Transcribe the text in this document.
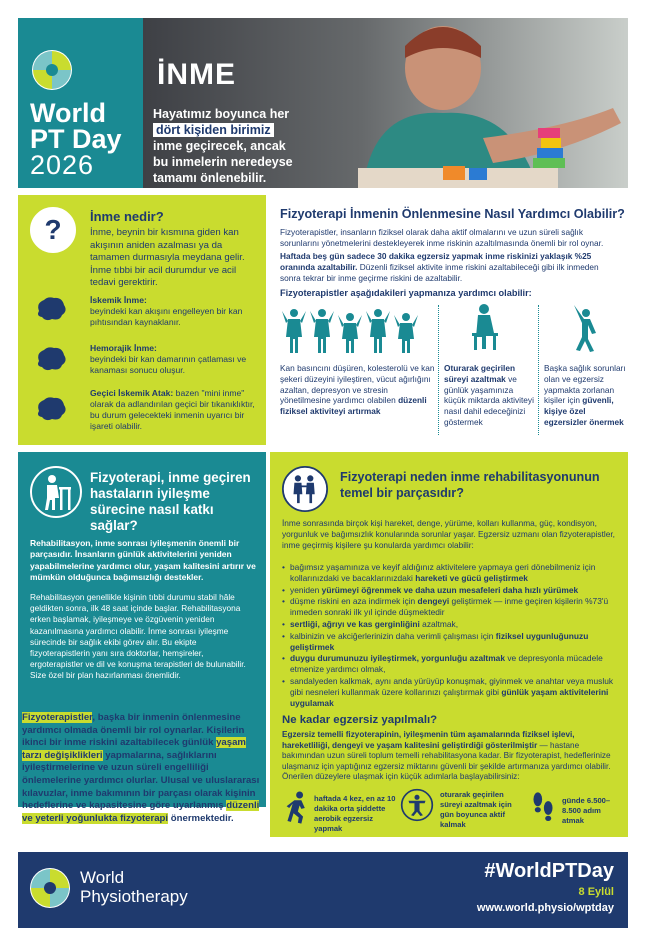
World
PT Day
2026
İNME
Hayatımız boyunca her dört kişiden birimiz inme geçirecek, ancak bu inmelerin neredeyse tamamı önlenebilir.
? İnme nedir?
İnme, beynin bir kısmına giden kan akışının aniden azalması ya da tamamen durmasıyla meydana gelir. İnme tıbbi bir acil durumdur ve acil tedavi gerektirir.
İskemik İnme:
beyindeki kan akışını engelleyen bir kan pıhtısından kaynaklanır.
Hemorajik İnme:
beyindeki bir kan damarının çatlaması ve kanaması sonucu oluşur.
Geçici İskemik Atak: bazen "mini inme" olarak da adlandırılan geçici bir tıkanıklıktır, bu durum gelecekteki inmenin uyarıcı bir işareti olabilir.
Fizyoterapi İnmenin Önlenmesine Nasıl Yardımcı Olabilir?
Fizyoterapistler, insanların fiziksel olarak daha aktif olmalarını ve uzun süreli sağlık sorunlarını yönetmelerini destekleyerek inme riskinin azaltılmasında önemli bir rol oynar.
Haftada beş gün sadece 30 dakika egzersiz yapmak inme riskinizi yaklaşık %25 oranında azaltabilir. Düzenli fiziksel aktivite inme riskini azaltabileceği gibi ilk inmeden sonra tekrar bir inme geçirme riskini de azaltabilir.
Fizyoterapistler aşağıdakileri yapmanıza yardımcı olabilir:
Kan basıncını düşüren, kolesterolü ve kan şekeri düzeyini iyileştiren, vücut ağırlığını azaltan, depresyon ve stresin yönetilmesine yardımcı olabilen düzenli fiziksel aktiviteyi artırmak
Oturarak geçirilen süreyi azaltmak ve günlük yaşamınıza küçük miktarda aktiviteyi nasıl dahil edeceğinizi göstermek
Başka sağlık sorunları olan ve egzersiz yapmakta zorlanan kişiler için güvenli, kişiye özel egzersizler önermek
Fizyoterapi, inme geçiren hastaların iyileşme sürecine nasıl katkı sağlar?
Rehabilitasyon, inme sonrası iyileşmenin önemli bir parçasıdır. İnsanların günlük aktivitelerini yeniden yapabilmelerine yardımcı olur, yaşam kalitesini artırır ve mümkün olduğunca bağımsızlığı destekler.
Rehabilitasyon genellikle kişinin tıbbi durumu stabil hâle geldikten sonra, ilk 48 saat içinde başlar. Rehabilitasyona erken başlamak, iyileşmeye ve özgüvenin yeniden kazanılmasına yardımcı olabilir. İnme sonrası iyileşme sürecinde bir sağlık ekibi görev alır. Bu ekipte fizyoterapistlerin yanı sıra doktorlar, hemşireler, ergoterapistler ve dil ve konuşma terapistleri de bulunabilir. Size özel bir plan hazırlanması önemlidir.
Fizyoterapistler, başka bir inmenin önlenmesine yardımcı olmada önemli bir rol oynarlar. Kişilerin ikinci bir inme riskini azaltabilecek günlük yaşam tarzı değişiklikleri yapmalarına, sağlıklarını iyileştirmelerine ve uzun süreli engelliliği önlemelerine yardımcı olurlar. Ulusal ve uluslararası kılavuzlar, inme bakımının bir parçası olarak kişinin hedeflerine ve kapasitesine göre uyarlanmış düzenli ve yeterli yoğunlukta fizyoterapi önermektedir.
Fizyoterapi neden inme rehabilitasyonunun temel bir parçasıdır?
İnme sonrasında birçok kişi hareket, denge, yürüme, kolları kullanma, güç, kondisyon, yorgunluk ve bağımsızlık konularında sorunlar yaşar. Egzersiz uzmanı olan fizyoterapistler, inme geçirmiş kişilere şu konularda yardımcı olabilir:
• bağımsız yaşamınıza ve keyif aldığınız aktivitelere yapmaya geri dönebilmeniz için kollarınızdaki ve bacaklarınızdaki hareketi ve gücü geliştirmek
• yeniden yürümeyi öğrenmek ve daha uzun mesafeleri daha hızlı yürümek
• düşme riskini en aza indirmek için dengeyi geliştirmek — inme geçiren kişilerin %73'ü inmeden sonraki ilk yıl içinde düşmektedir
• sertliği, ağrıyı ve kas gerginliğini azaltmak,
• kalbinizin ve akciğerlerinizin daha verimli çalışması için fiziksel uygunluğunuzu geliştirmek
• duygu durumunuzu iyileştirmek, yorgunluğu azaltmak ve depresyonla mücadele etmenize yardımcı olmak,
• sandalyeden kalkmak, aynı anda yürüyüp konuşmak, giyinmek ve anahtar veya musluk gibi nesneleri kullanmak üzere kollarınızı çalıştırmak gibi günlük yaşam aktivitelerini uygulamak
Ne kadar egzersiz yapılmalı?
Egzersiz temelli fizyoterapinin, iyileşmenin tüm aşamalarında fiziksel işlevi, hareketliliği, dengeyi ve yaşam kalitesini geliştirdiği gösterilmiştir — hastane bakımından uzun süreli toplum temelli rehabilitasyona kadar. Bir fizyoterapist, hedeflerinize ulaşmanız için yaptığınız egzersiz miktarını güvenli bir şekilde artırmanıza yardımcı olabilir. Önerilen düzeylere ulaşmak için küçük adımlarla başlayabilirsiniz:
haftada 4 kez, en az 10 dakika orta şiddette aerobik egzersiz yapmak
oturarak geçirilen süreyi azaltmak için gün boyunca aktif kalmak
günde 6.500–8.500 adım atmak
World
Physiotherapy
#WorldPTDay
8 Eylül
www.world.physio/wptday
